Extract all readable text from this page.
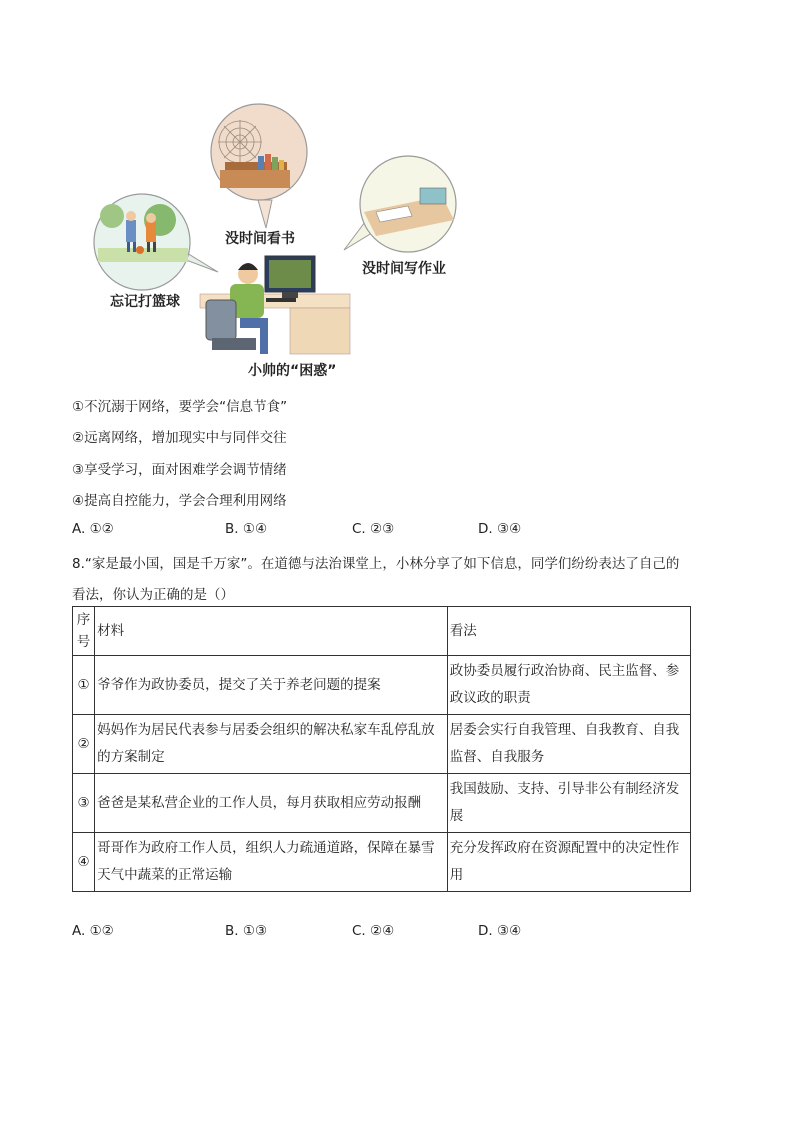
没时间看书
没时间写作业
忘记打篮球
小帅的“困惑”
①不沉溺于网络，要学会“信息节食”
②远离网络，增加现实中与同伴交往
③享受学习，面对困难学会调节情绪
④提高自控能力，学会合理利用网络
A. ①②	B. ①④	C. ②③	D. ③④
8.“家是最小国，国是千万家”。在道德与法治课堂上，小林分享了如下信息，同学们纷纷表达了自己的
看法，你认为正确的是（）
序号	材料	看法
①	爷爷作为政协委员，提交了关于养老问题的提案	政协委员履行政治协商、民主监督、参政议政的职责
②	妈妈作为居民代表参与居委会组织的解决私家车乱停乱放的方案制定	居委会实行自我管理、自我教育、自我监督、自我服务
③	爸爸是某私营企业的工作人员，每月获取相应劳动报酬	我国鼓励、支持、引导非公有制经济发展
④	哥哥作为政府工作人员，组织人力疏通道路，保障在暴雪天气中蔬菜的正常运输	充分发挥政府在资源配置中的决定性作用
A. ①②	B. ①③	C. ②④	D. ③④
